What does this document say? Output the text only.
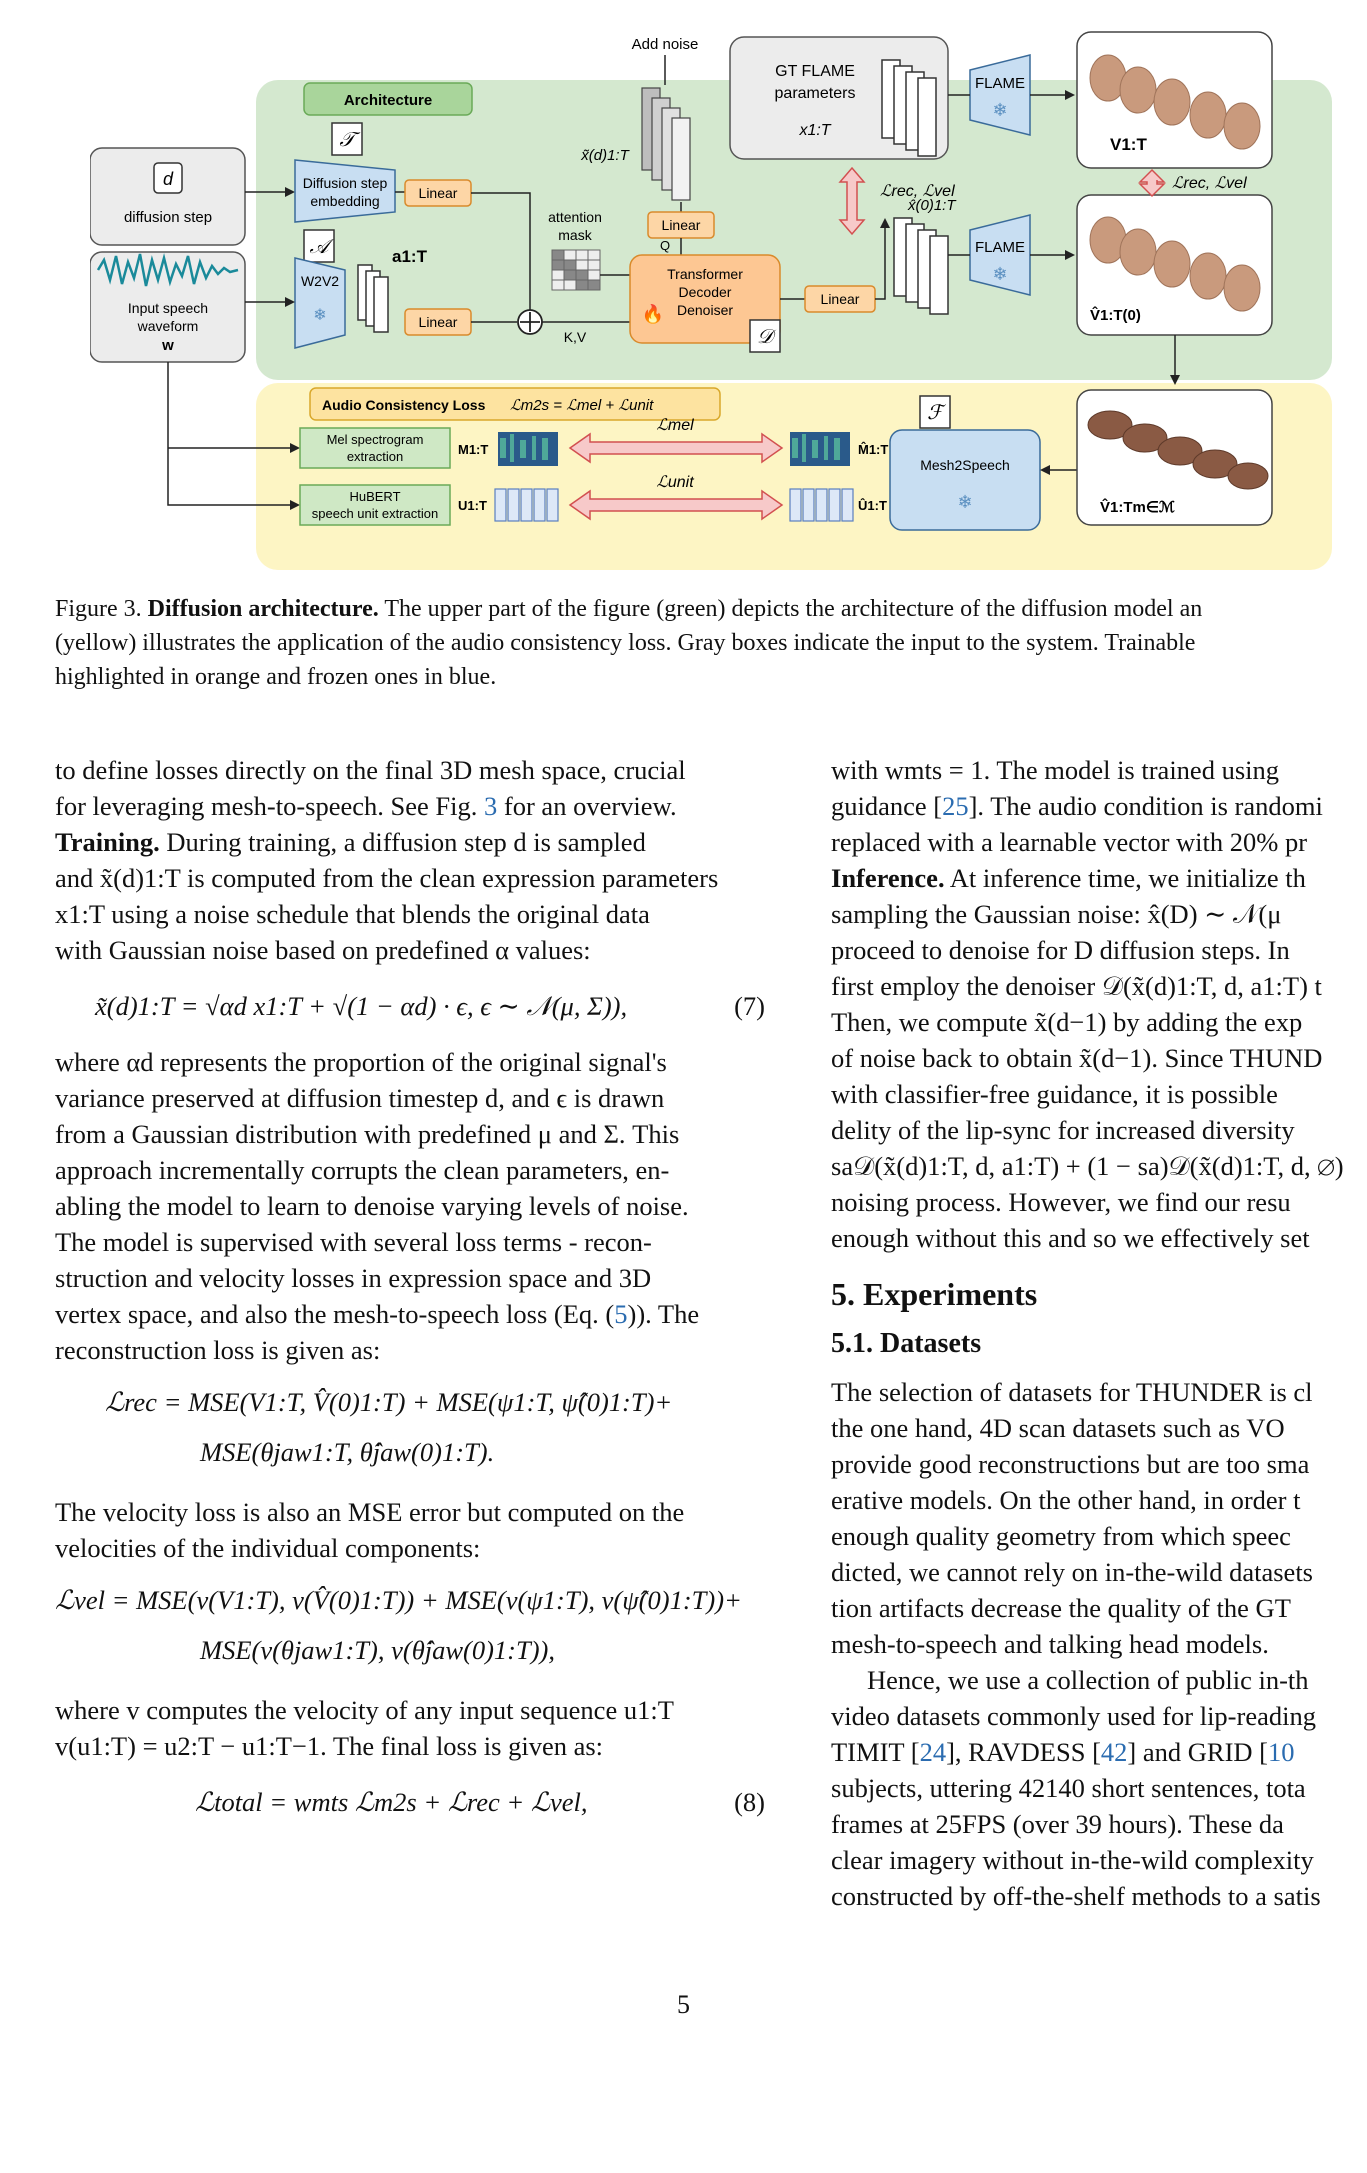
GT FLAME
parameters
x1:T
Add noise
x̃(d)1:T
FLAME
❄
V1:T
Architecture
𝒯
d
diffusion step
Diffusion step
embedding	Linear
attention
mask
𝒜
W2V2
❄
Input speech
waveform
w
a1:T
Linear
K,V
Linear
Q
Transformer
Decoder
🔥 Denoiser
𝒟
Linear
x̂(0)1:T
ℒrec, ℒvel
FLAME
❄
V̂1:T(0)
ℒrec, ℒvel
Audio Consistency Loss ℒm2s = ℒmel + ℒunit
Mel spectrogram
extraction	M1:T
HuBERT
speech unit extraction
U1:T
ℒmel
ℒunit
M̂1:T
Û1:T
ℱ
Mesh2Speech
❄	V̂1:Tm∈ℳ
Figure 3. Diffusion architecture. The upper part of the figure (green) depicts the architecture of the diffusion model an
(yellow) illustrates the application of the audio consistency loss. Gray boxes indicate the input to the system. Trainable
highlighted in orange and frozen ones in blue.

to define losses directly on the final 3D mesh space, crucial

for leveraging mesh-to-speech. See Fig. 3 for an overview.

Training. During training, a diffusion step d is sampled

and x̃(d)1:T is computed from the clean expression parameters

x1:T using a noise schedule that blends the original data

with Gaussian noise based on predefined α values:

x̃(d)1:T = √αd x1:T + √(1 − αd) · ϵ, ϵ ∼ 𝒩(μ, Σ)),	(7)

where αd represents the proportion of the original signal's

variance preserved at diffusion timestep d, and ϵ is drawn

from a Gaussian distribution with predefined μ and Σ. This

approach incrementally corrupts the clean parameters, en-

abling the model to learn to denoise varying levels of noise.

The model is supervised with several loss terms - recon-

struction and velocity losses in expression space and 3D

vertex space, and also the mesh-to-speech loss (Eq. (5)). The

reconstruction loss is given as:

ℒrec = MSE(V1:T, V̂(0)1:T) + MSE(ψ1:T, ψ̂(0)1:T)+
MSE(θjaw1:T, θ̂jaw(0)1:T).

The velocity loss is also an MSE error but computed on the

velocities of the individual components:

ℒvel = MSE(v(V1:T), v(V̂(0)1:T)) + MSE(v(ψ1:T), v(ψ̂(0)1:T))+
MSE(v(θjaw1:T), v(θ̂jaw(0)1:T)),

where v computes the velocity of any input sequence u1:T

v(u1:T) = u2:T − u1:T−1. The final loss is given as:

ℒtotal = wmts ℒm2s + ℒrec + ℒvel,	(8)

with wmts = 1. The model is trained using

guidance [25]. The audio condition is randomi

replaced with a learnable vector with 20% pr

Inference. At inference time, we initialize th

sampling the Gaussian noise: x̂(D) ∼ 𝒩(μ

proceed to denoise for D diffusion steps. In

first employ the denoiser 𝒟(x̃(d)1:T, d, a1:T) t

Then, we compute x̃(d−1) by adding the exp

of noise back to obtain x̃(d−1). Since THUND

with classifier-free guidance, it is possible

delity of the lip-sync for increased diversity

sa𝒟(x̃(d)1:T, d, a1:T) + (1 − sa)𝒟(x̃(d)1:T, d, ∅)

noising process. However, we find our resu

enough without this and so we effectively set

5. Experiments
5.1. Datasets

The selection of datasets for THUNDER is cl

the one hand, 4D scan datasets such as VO

provide good reconstructions but are too sma

erative models. On the other hand, in order t

enough quality geometry from which speec

dicted, we cannot rely on in-the-wild datasets

tion artifacts decrease the quality of the GT

mesh-to-speech and talking head models.

Hence, we use a collection of public in-th

video datasets commonly used for lip-reading

TIMIT [24], RAVDESS [42] and GRID [10

subjects, uttering 42140 short sentences, tota

frames at 25FPS (over 39 hours). These da

clear imagery without in-the-wild complexity

constructed by off-the-shelf methods to a satis

5
